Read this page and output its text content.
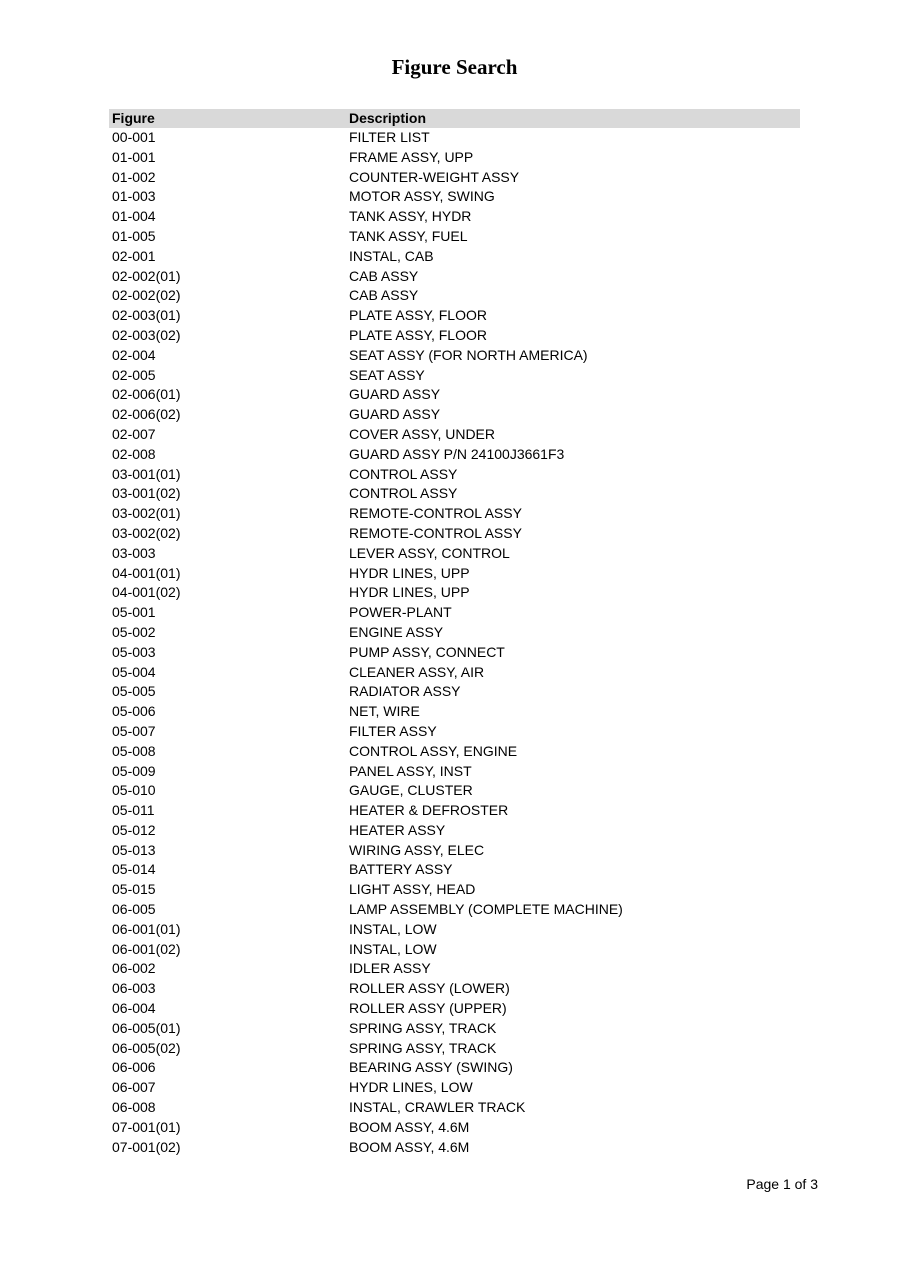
Figure Search
Figure	Description
00-001	FILTER LIST
01-001	FRAME ASSY, UPP
01-002	COUNTER-WEIGHT ASSY
01-003	MOTOR ASSY, SWING
01-004	TANK ASSY, HYDR
01-005	TANK ASSY, FUEL
02-001	INSTAL, CAB
02-002(01)	CAB ASSY
02-002(02)	CAB ASSY
02-003(01)	PLATE ASSY, FLOOR
02-003(02)	PLATE ASSY, FLOOR
02-004	SEAT ASSY (FOR NORTH AMERICA)
02-005	SEAT ASSY
02-006(01)	GUARD ASSY
02-006(02)	GUARD ASSY
02-007	COVER ASSY, UNDER
02-008	GUARD ASSY P/N 24100J3661F3
03-001(01)	CONTROL ASSY
03-001(02)	CONTROL ASSY
03-002(01)	REMOTE-CONTROL ASSY
03-002(02)	REMOTE-CONTROL ASSY
03-003	LEVER ASSY, CONTROL
04-001(01)	HYDR LINES, UPP
04-001(02)	HYDR LINES, UPP
05-001	POWER-PLANT
05-002	ENGINE ASSY
05-003	PUMP ASSY, CONNECT
05-004	CLEANER ASSY, AIR
05-005	RADIATOR ASSY
05-006	NET, WIRE
05-007	FILTER ASSY
05-008	CONTROL ASSY, ENGINE
05-009	PANEL ASSY, INST
05-010	GAUGE, CLUSTER
05-011	HEATER & DEFROSTER
05-012	HEATER ASSY
05-013	WIRING ASSY, ELEC
05-014	BATTERY ASSY
05-015	LIGHT ASSY, HEAD
06-005	LAMP ASSEMBLY (COMPLETE MACHINE)
06-001(01)	INSTAL, LOW
06-001(02)	INSTAL, LOW
06-002	IDLER ASSY
06-003	ROLLER ASSY (LOWER)
06-004	ROLLER ASSY (UPPER)
06-005(01)	SPRING ASSY, TRACK
06-005(02)	SPRING ASSY, TRACK
06-006	BEARING ASSY (SWING)
06-007	HYDR LINES, LOW
06-008	INSTAL, CRAWLER TRACK
07-001(01)	BOOM ASSY, 4.6M
07-001(02)	BOOM ASSY, 4.6M
Page 1 of 3
